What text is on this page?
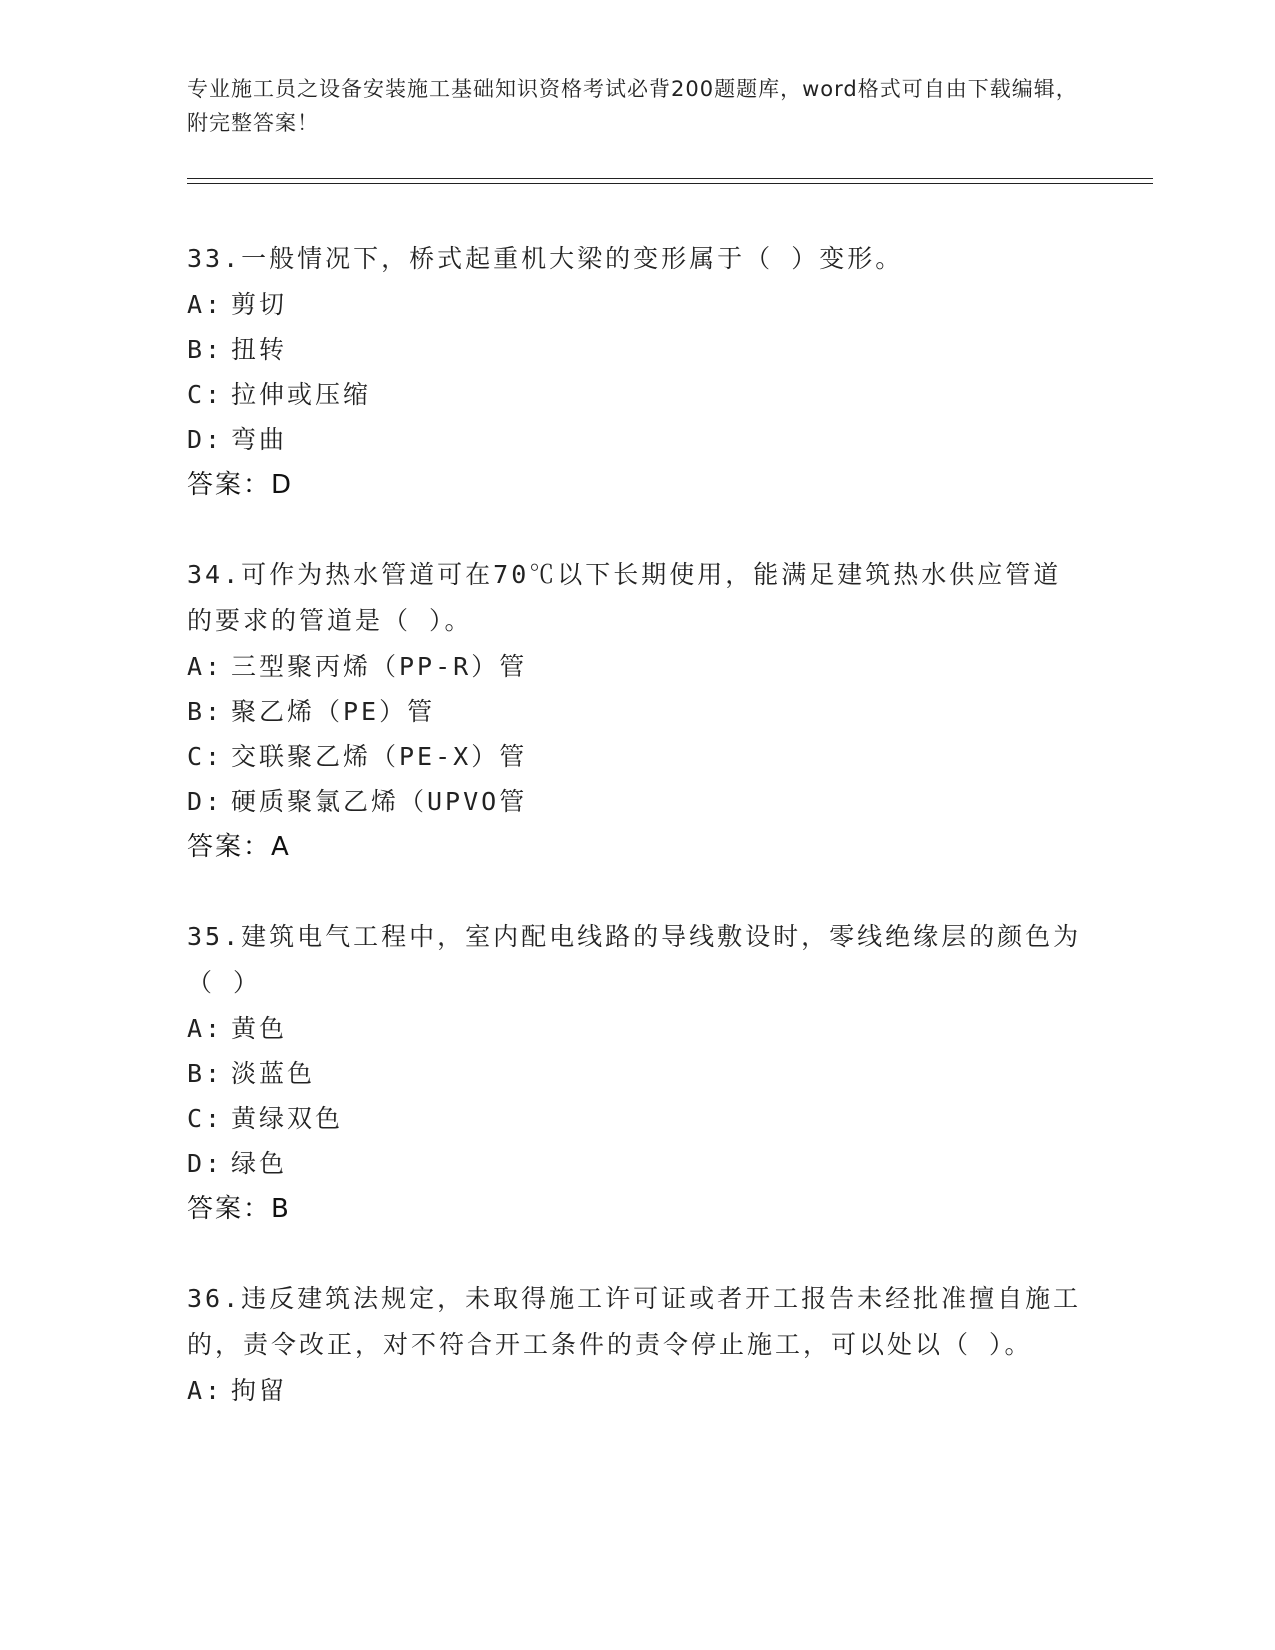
专业施工员之设备安装施工基础知识资格考试必背200题题库，word格式可自由下载编辑，附完整答案！
33.一般情况下，桥式起重机大梁的变形属于（ ）变形。
A: 剪切
B: 扭转
C: 拉伸或压缩
D: 弯曲
答案：D
34.可作为热水管道可在70℃以下长期使用，能满足建筑热水供应管道的要求的管道是（ ）。
A: 三型聚丙烯（PP-R）管
B: 聚乙烯（PE）管
C: 交联聚乙烯（PE-X）管
D: 硬质聚氯乙烯（UPVO管
答案：A
35.建筑电气工程中，室内配电线路的导线敷设时，零线绝缘层的颜色为（ ）
A: 黄色
B: 淡蓝色
C: 黄绿双色
D: 绿色
答案：B
36.违反建筑法规定，未取得施工许可证或者开工报告未经批准擅自施工的，责令改正，对不符合开工条件的责令停止施工，可以处以（ ）。
A: 拘留
